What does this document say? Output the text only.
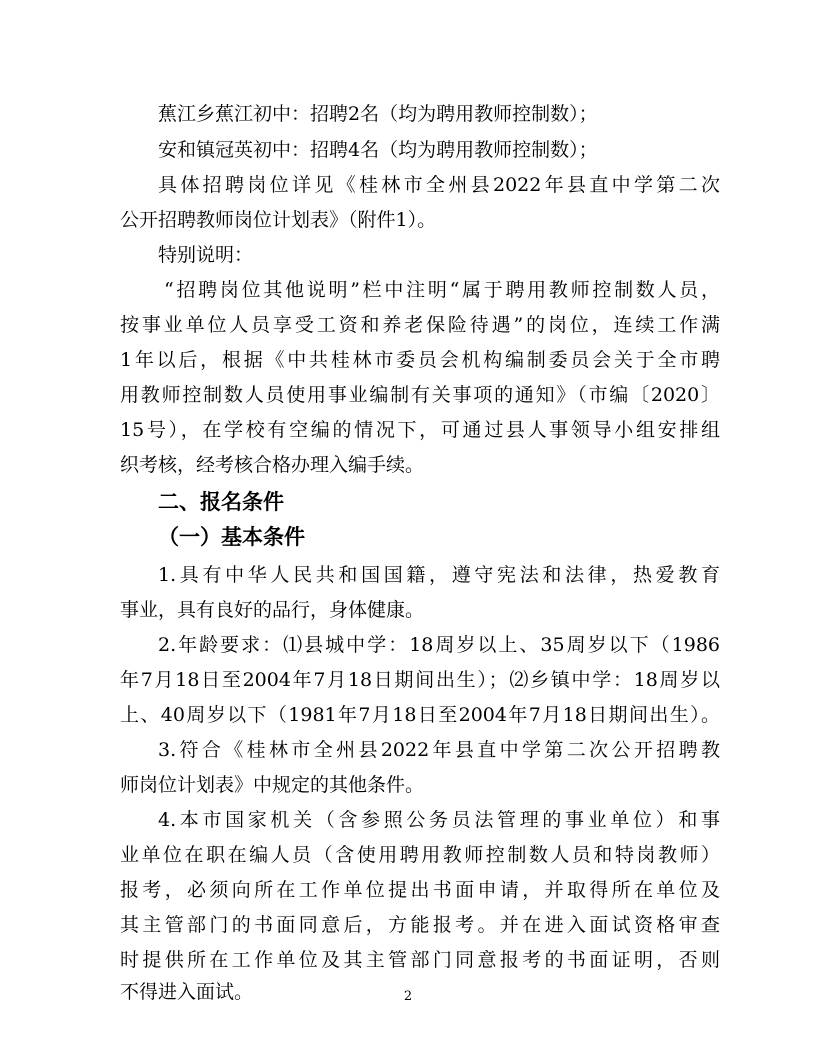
蕉江乡蕉江初中：招聘2名（均为聘用教师控制数）；
安和镇冠英初中：招聘4名（均为聘用教师控制数）；
具体招聘岗位详见《桂林市全州县2022年县直中学第二次
公开招聘教师岗位计划表》（附件1）。
特别说明：
“招聘岗位其他说明”栏中注明“属于聘用教师控制数人员，
按事业单位人员享受工资和养老保险待遇”的岗位，连续工作满
1年以后，根据《中共桂林市委员会机构编制委员会关于全市聘
用教师控制数人员使用事业编制有关事项的通知》（市编〔2020〕
15号），在学校有空编的情况下，可通过县人事领导小组安排组
织考核，经考核合格办理入编手续。
二、报名条件
（一）基本条件
1.具有中华人民共和国国籍，遵守宪法和法律，热爱教育
事业，具有良好的品行，身体健康。
2.年龄要求：⑴县城中学：18周岁以上、35周岁以下（1986
年7月18日至2004年7月18日期间出生）；⑵乡镇中学：18周岁以
上、40周岁以下（1981年7月18日至2004年7月18日期间出生）。
3.符合《桂林市全州县2022年县直中学第二次公开招聘教
师岗位计划表》中规定的其他条件。
4.本市国家机关（含参照公务员法管理的事业单位）和事
业单位在职在编人员（含使用聘用教师控制数人员和特岗教师）
报考，必须向所在工作单位提出书面申请，并取得所在单位及
其主管部门的书面同意后，方能报考。并在进入面试资格审查
时提供所在工作单位及其主管部门同意报考的书面证明，否则
不得进入面试。	2
